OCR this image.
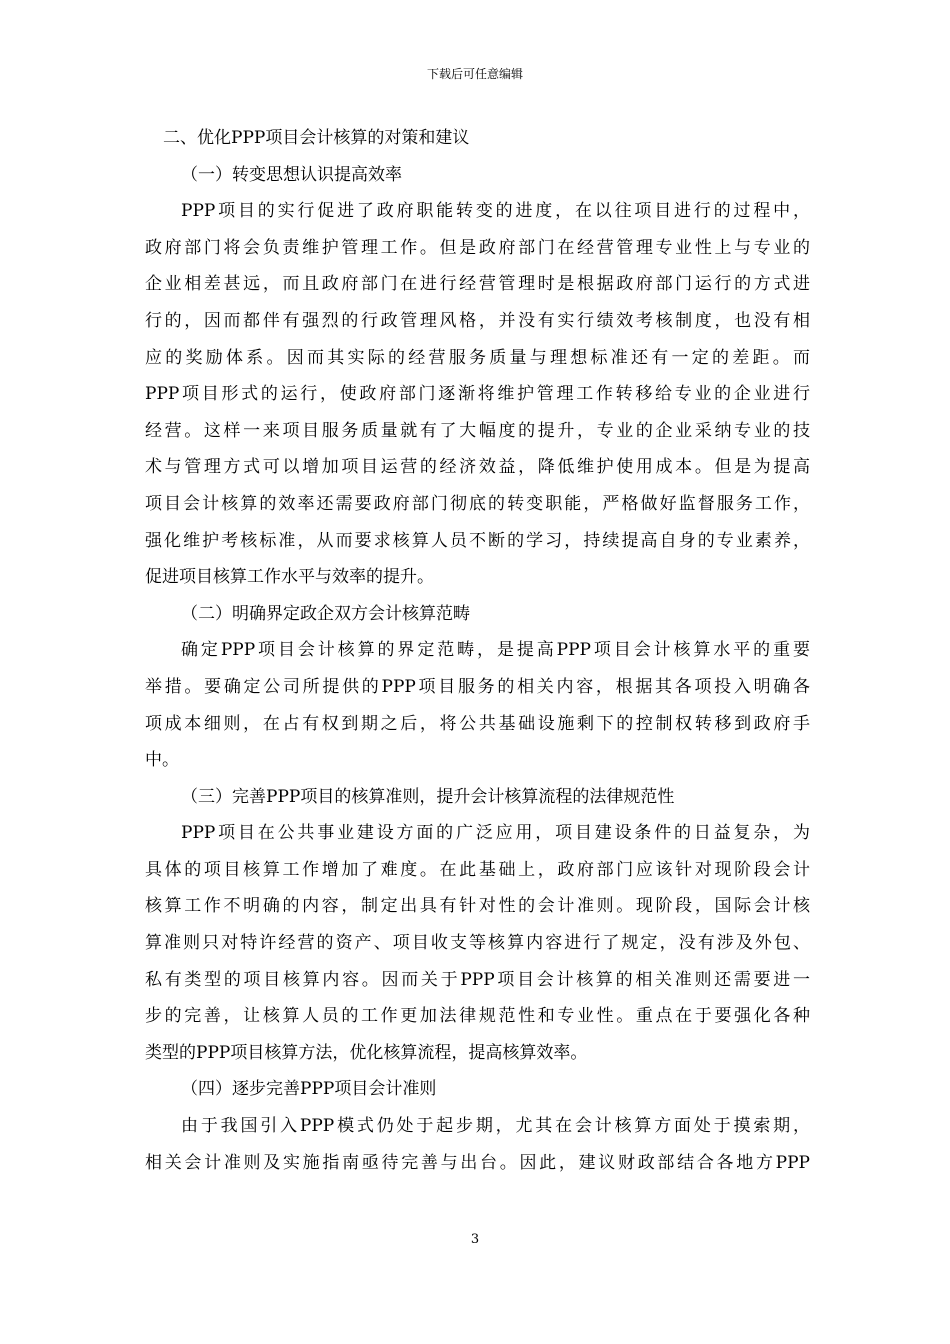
下载后可任意编辑
二、优化PPP项目会计核算的对策和建议
（一）转变思想认识提高效率
PPP项目的实行促进了政府职能转变的进度，在以往项目进行的过程中，
政府部门将会负责维护管理工作。但是政府部门在经营管理专业性上与专业的
企业相差甚远，而且政府部门在进行经营管理时是根据政府部门运行的方式进
行的，因而都伴有强烈的行政管理风格，并没有实行绩效考核制度，也没有相
应的奖励体系。因而其实际的经营服务质量与理想标准还有一定的差距。而
PPP项目形式的运行，使政府部门逐渐将维护管理工作转移给专业的企业进行
经营。这样一来项目服务质量就有了大幅度的提升，专业的企业采纳专业的技
术与管理方式可以增加项目运营的经济效益，降低维护使用成本。但是为提高
项目会计核算的效率还需要政府部门彻底的转变职能，严格做好监督服务工作，
强化维护考核标准，从而要求核算人员不断的学习，持续提高自身的专业素养，
促进项目核算工作水平与效率的提升。
（二）明确界定政企双方会计核算范畴
确定PPP项目会计核算的界定范畴，是提高PPP项目会计核算水平的重要
举措。要确定公司所提供的PPP项目服务的相关内容，根据其各项投入明确各
项成本细则，在占有权到期之后，将公共基础设施剩下的控制权转移到政府手
中。
（三）完善PPP项目的核算准则，提升会计核算流程的法律规范性
PPP项目在公共事业建设方面的广泛应用，项目建设条件的日益复杂，为
具体的项目核算工作增加了难度。在此基础上，政府部门应该针对现阶段会计
核算工作不明确的内容，制定出具有针对性的会计准则。现阶段，国际会计核
算准则只对特许经营的资产、项目收支等核算内容进行了规定，没有涉及外包、
私有类型的项目核算内容。因而关于PPP项目会计核算的相关准则还需要进一
步的完善，让核算人员的工作更加法律规范性和专业性。重点在于要强化各种
类型的PPP项目核算方法，优化核算流程，提高核算效率。
（四）逐步完善PPP项目会计准则
由于我国引入PPP模式仍处于起步期，尤其在会计核算方面处于摸索期，
相关会计准则及实施指南亟待完善与出台。因此，建议财政部结合各地方PPP
3
